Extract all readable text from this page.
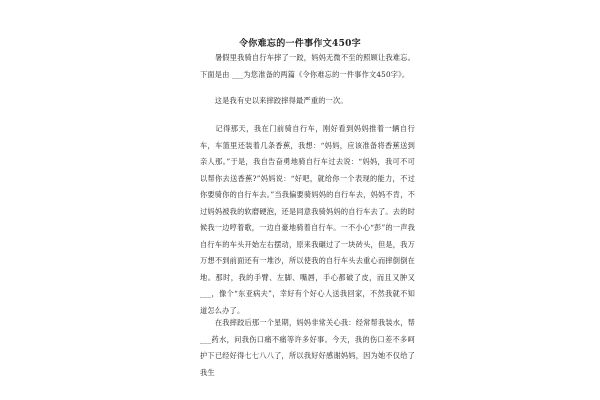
令你难忘的一件事作文450字

　　暑假里我骑自行车摔了一跤，妈妈无微不至的照顾让我难忘。下面是由 ___为您准备的两篇《令你难忘的一件事作文450字》。

　　这是我有史以来摔跤摔得最严重的一次。

　　记得那天，我在门前骑自行车，刚好看到妈妈推着一辆自行车，车篮里还装着几条香蕉，我想：“妈妈，应该准备将香蕉送到亲人那。”于是，我自告奋勇地骑自行车过去说：“妈妈，我可不可以帮你去送香蕉?”妈妈说：“好吧，就给你一个表现的能力，不过你要骑你的自行车去。”当我偏要骑妈妈的自行车去，妈妈不肯，不过妈妈被我的软磨硬泡，还是同意我骑妈妈的自行车去了。去的时候我一边哼着歌，一边自豪地骑着自行车。一不小心“彭”的一声我自行车的车头开始左右摆动，原来我碾过了一块砖头，但是，我万万想不到前面还有一堆沙，所以使我的自行车头去重心而摔倒倒在地。那时，我的手臂、左脚、嘴唇，手心都破了皮，而且又肿又 ___，像个“东亚病夫”，幸好有个好心人送我回家，不然我就不知道怎么办了。

　　在我摔跤后那一个星期，妈妈非常关心我：经常帮我装水，帮___药水，问我伤口痛不痛等许多好事。今天，我的伤口差不多呵护下已经好得七七八八了，所以我好好感谢妈妈，因为她不仅给了我生
